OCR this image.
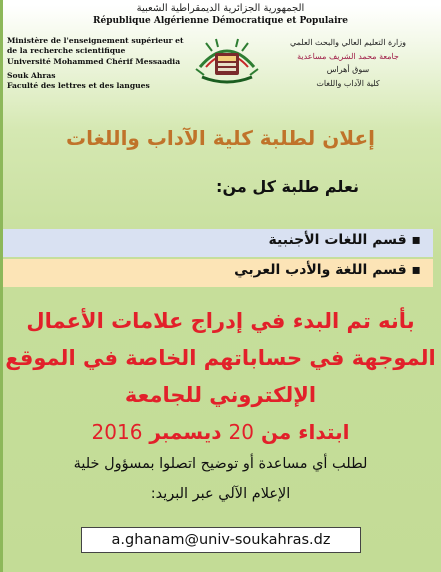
الجمهورية الجزائرية الديمقراطية الشعبية
République Algérienne Démocratique et Populaire
Ministère de l'enseignement supérieur et
de la recherche scientifique
Université Mohammed Chérif Messaadia
Souk Ahras
Faculté des lettres et des langues
وزارة التعليم العالي والبحث العلمي
جامعة محمد الشريف مساعدية
سوق أهراس
كلية الآداب واللغات
إعلان لطلبة كلية الآداب واللغات
نعلم طلبة كل من:
▪ قسم اللغات الأجنبية
▪ قسم اللغة والأدب العربي
بأنه تم البدء في إدراج علامات الأعمال
الموجهة في حساباتهم الخاصة في الموقع
الإلكتروني للجامعة
ابتداء من 20 ديسمبر 2016
لطلب أي مساعدة أو توضيح اتصلوا بمسؤول خلية
الإعلام الآلي عبر البريد:
a.ghanam@univ-soukahras.dz
